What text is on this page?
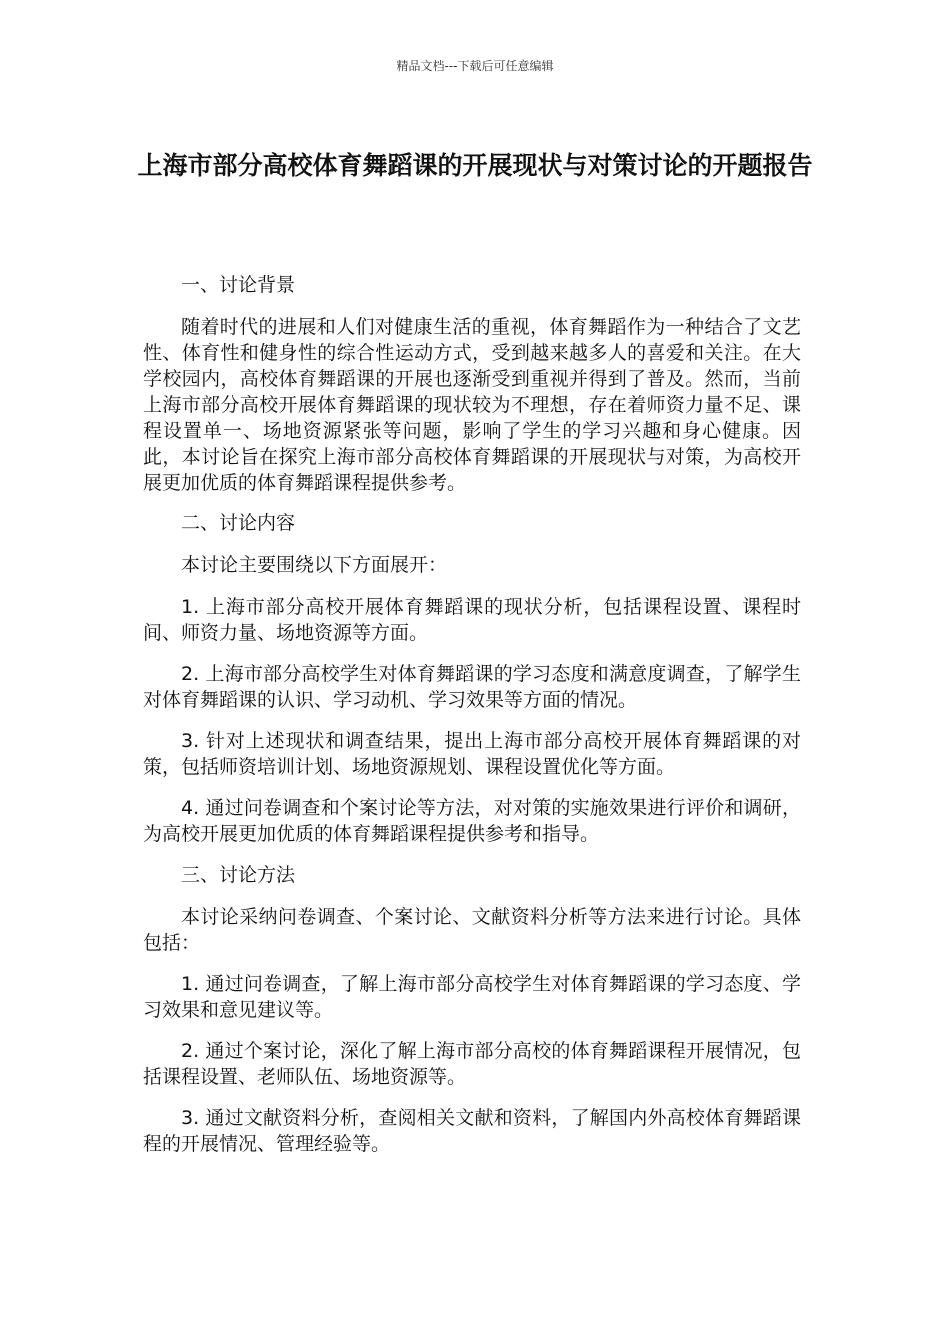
精品文档---下载后可任意编辑
上海市部分高校体育舞蹈课的开展现状与对策讨论的开题报告

一、讨论背景

随着时代的进展和人们对健康生活的重视，体育舞蹈作为一种结合了文艺性、体育性和健身性的综合性运动方式，受到越来越多人的喜爱和关注。在大学校园内，高校体育舞蹈课的开展也逐渐受到重视并得到了普及。然而，当前上海市部分高校开展体育舞蹈课的现状较为不理想，存在着师资力量不足、课程设置单一、场地资源紧张等问题，影响了学生的学习兴趣和身心健康。因此，本讨论旨在探究上海市部分高校体育舞蹈课的开展现状与对策，为高校开展更加优质的体育舞蹈课程提供参考。

二、讨论内容

本讨论主要围绕以下方面展开：

1. 上海市部分高校开展体育舞蹈课的现状分析，包括课程设置、课程时间、师资力量、场地资源等方面。

2. 上海市部分高校学生对体育舞蹈课的学习态度和满意度调查，了解学生对体育舞蹈课的认识、学习动机、学习效果等方面的情况。

3. 针对上述现状和调查结果，提出上海市部分高校开展体育舞蹈课的对策，包括师资培训计划、场地资源规划、课程设置优化等方面。

4. 通过问卷调查和个案讨论等方法，对对策的实施效果进行评价和调研，为高校开展更加优质的体育舞蹈课程提供参考和指导。

三、讨论方法

本讨论采纳问卷调查、个案讨论、文献资料分析等方法来进行讨论。具体包括：

1. 通过问卷调查，了解上海市部分高校学生对体育舞蹈课的学习态度、学习效果和意见建议等。

2. 通过个案讨论，深化了解上海市部分高校的体育舞蹈课程开展情况，包括课程设置、老师队伍、场地资源等。

3. 通过文献资料分析，查阅相关文献和资料，了解国内外高校体育舞蹈课程的开展情况、管理经验等。
